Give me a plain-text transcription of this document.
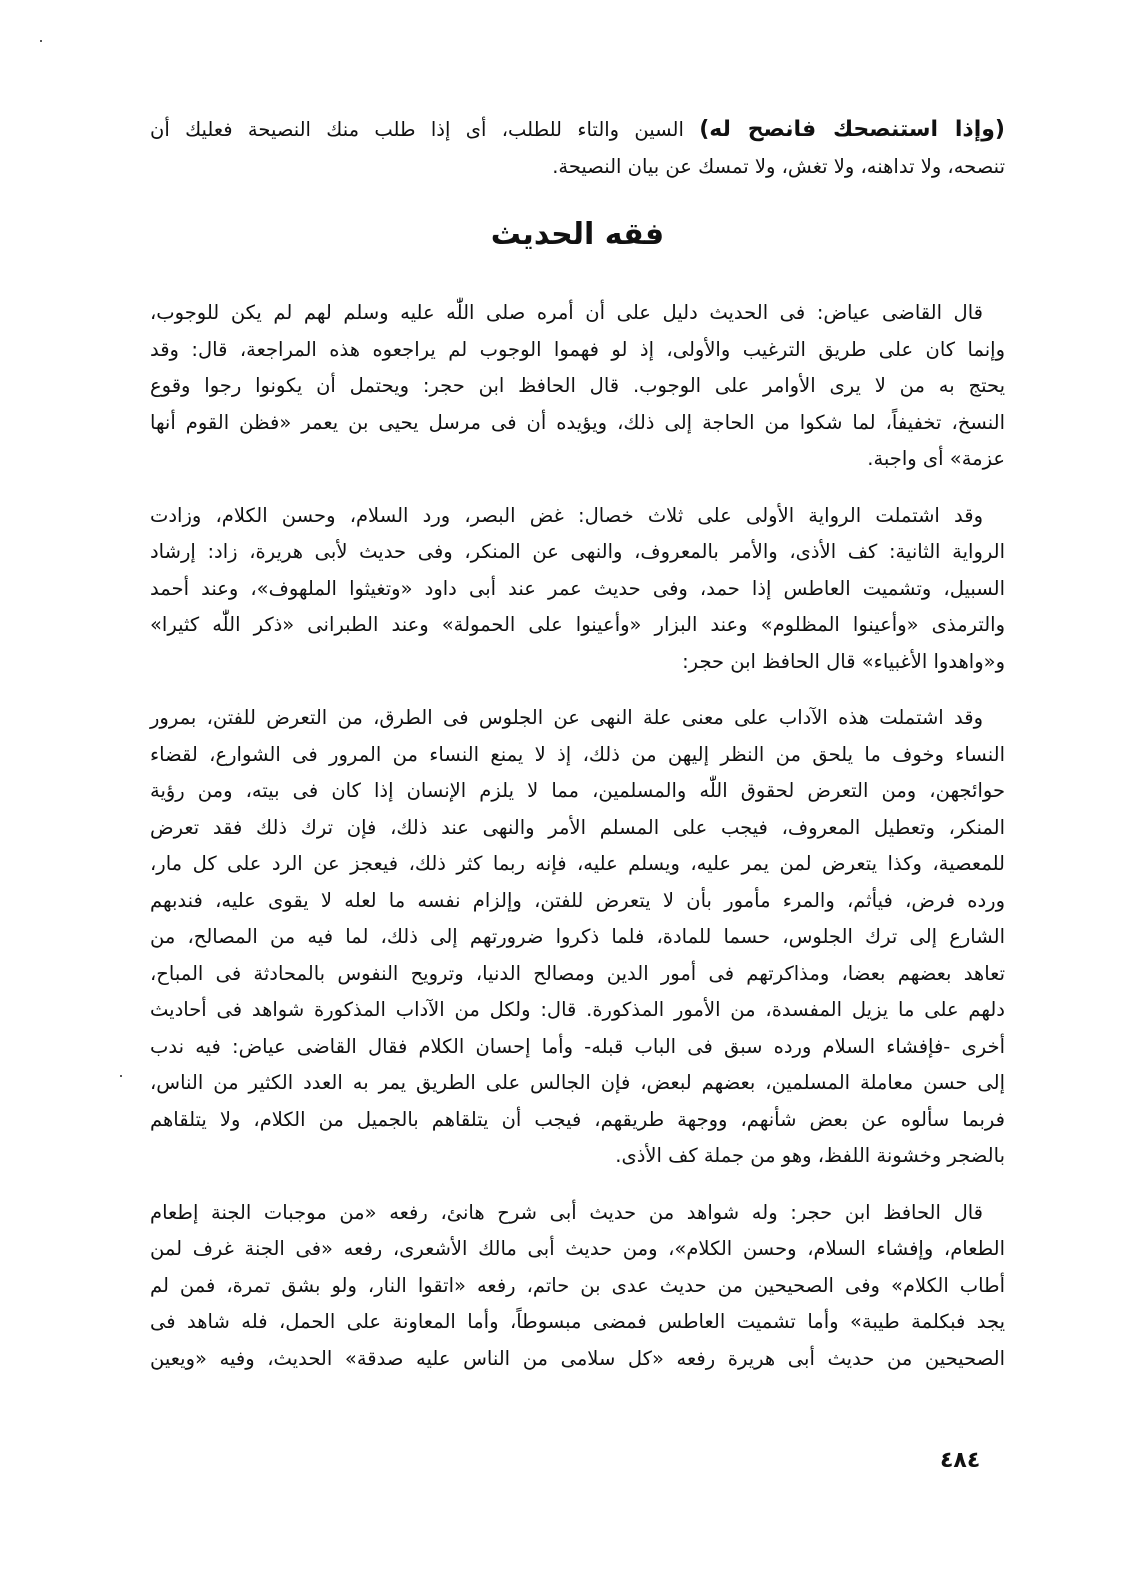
(وإذا استنصحك فانصح له) السين والتاء للطلب، أى إذا طلب منك النصيحة فعليك أن
تنصحه، ولا تداهنه، ولا تغش، ولا تمسك عن بيان النصيحة.

فقه الحديث

قال القاضى عياض: فى الحديث دليل على أن أمره صلى اللّٰه عليه وسلم لهم لم يكن للوجوب،
وإنما كان على طريق الترغيب والأولى، إذ لو فهموا الوجوب لم يراجعوه هذه المراجعة، قال: وقد
يحتج به من لا يرى الأوامر على الوجوب. قال الحافظ ابن حجر: ويحتمل أن يكونوا رجوا وقوع
النسخ، تخفيفاً، لما شكوا من الحاجة إلى ذلك، ويؤيده أن فى مرسل يحيى بن يعمر «فظن القوم أنها
عزمة» أى واجبة.

وقد اشتملت الرواية الأولى على ثلاث خصال: غض البصر، ورد السلام، وحسن الكلام، وزادت
الرواية الثانية: كف الأذى، والأمر بالمعروف، والنهى عن المنكر، وفى حديث لأبى هريرة، زاد: إرشاد
السبيل، وتشميت العاطس إذا حمد، وفى حديث عمر عند أبى داود «وتغيثوا الملهوف»، وعند أحمد
والترمذى «وأعينوا المظلوم» وعند البزار «وأعينوا على الحمولة» وعند الطبرانى «ذكر اللّٰه كثيرا»
و«واهدوا الأغبياء» قال الحافظ ابن حجر:

وقد اشتملت هذه الآداب على معنى علة النهى عن الجلوس فى الطرق، من التعرض للفتن، بمرور
النساء وخوف ما يلحق من النظر إليهن من ذلك، إذ لا يمنع النساء من المرور فى الشوارع، لقضاء
حوائجهن، ومن التعرض لحقوق اللّٰه والمسلمين، مما لا يلزم الإنسان إذا كان فى بيته، ومن رؤية
المنكر، وتعطيل المعروف، فيجب على المسلم الأمر والنهى عند ذلك، فإن ترك ذلك فقد تعرض
للمعصية، وكذا يتعرض لمن يمر عليه، ويسلم عليه، فإنه ربما كثر ذلك، فيعجز عن الرد على كل مار،
ورده فرض، فيأثم، والمرء مأمور بأن لا يتعرض للفتن، وإلزام نفسه ما لعله لا يقوى عليه، فندبهم
الشارع إلى ترك الجلوس، حسما للمادة، فلما ذكروا ضرورتهم إلى ذلك، لما فيه من المصالح، من
تعاهد بعضهم بعضا، ومذاكرتهم فى أمور الدين ومصالح الدنيا، وترويح النفوس بالمحادثة فى المباح،
دلهم على ما يزيل المفسدة، من الأمور المذكورة. قال: ولكل من الآداب المذكورة شواهد فى أحاديث
أخرى -فإفشاء السلام ورده سبق فى الباب قبله- وأما إحسان الكلام فقال القاضى عياض: فيه ندب
إلى حسن معاملة المسلمين، بعضهم لبعض، فإن الجالس على الطريق يمر به العدد الكثير من الناس،
فربما سألوه عن بعض شأنهم، ووجهة طريقهم، فيجب أن يتلقاهم بالجميل من الكلام، ولا يتلقاهم
بالضجر وخشونة اللفظ، وهو من جملة كف الأذى.

قال الحافظ ابن حجر: وله شواهد من حديث أبى شرح هانئ، رفعه «من موجبات الجنة إطعام
الطعام، وإفشاء السلام، وحسن الكلام»، ومن حديث أبى مالك الأشعرى، رفعه «فى الجنة غرف لمن
أطاب الكلام» وفى الصحيحين من حديث عدى بن حاتم، رفعه «اتقوا النار، ولو بشق تمرة، فمن لم
يجد فبكلمة طيبة» وأما تشميت العاطس فمضى مبسوطاً، وأما المعاونة على الحمل، فله شاهد فى
الصحيحين من حديث أبى هريرة رفعه «كل سلامى من الناس عليه صدقة» الحديث، وفيه «ويعين

٤٨٤
